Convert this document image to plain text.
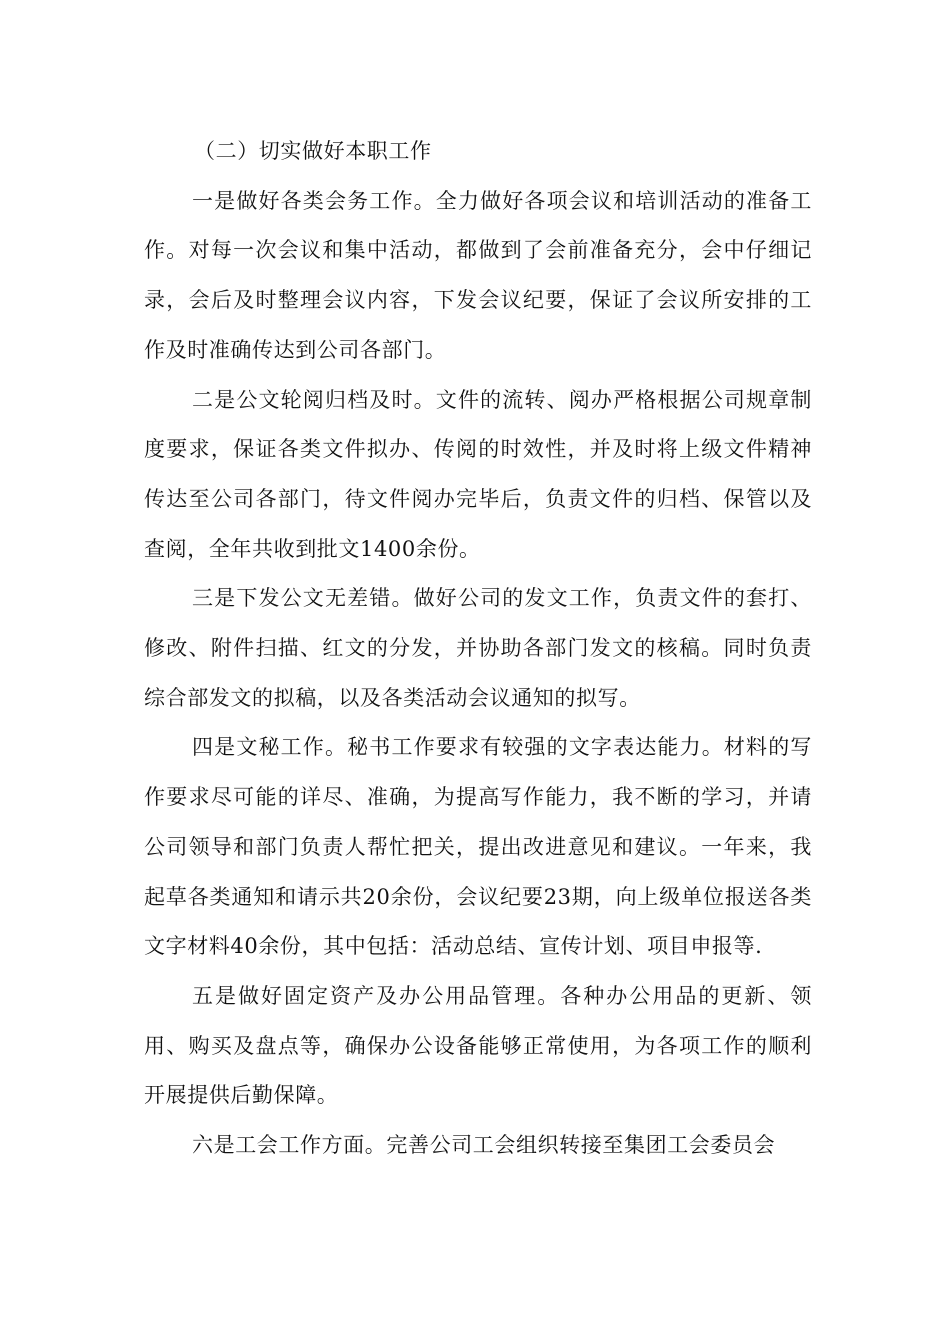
（二）切实做好本职工作

一是做好各类会务工作。全力做好各项会议和培训活动的准备工作。对每一次会议和集中活动，都做到了会前准备充分，会中仔细记录，会后及时整理会议内容，下发会议纪要，保证了会议所安排的工作及时准确传达到公司各部门。

二是公文轮阅归档及时。文件的流转、阅办严格根据公司规章制度要求，保证各类文件拟办、传阅的时效性，并及时将上级文件精神传达至公司各部门，待文件阅办完毕后，负责文件的归档、保管以及查阅，全年共收到批文1400余份。

三是下发公文无差错。做好公司的发文工作，负责文件的套打、修改、附件扫描、红文的分发，并协助各部门发文的核稿。同时负责综合部发文的拟稿，以及各类活动会议通知的拟写。

四是文秘工作。秘书工作要求有较强的文字表达能力。材料的写作要求尽可能的详尽、准确，为提高写作能力，我不断的学习，并请公司领导和部门负责人帮忙把关，提出改进意见和建议。一年来，我起草各类通知和请示共20余份，会议纪要23期，向上级单位报送各类文字材料40余份，其中包括：活动总结、宣传计划、项目申报等.

五是做好固定资产及办公用品管理。各种办公用品的更新、领用、购买及盘点等，确保办公设备能够正常使用，为各项工作的顺利开展提供后勤保障。

六是工会工作方面。完善公司工会组织转接至集团工会委员会
